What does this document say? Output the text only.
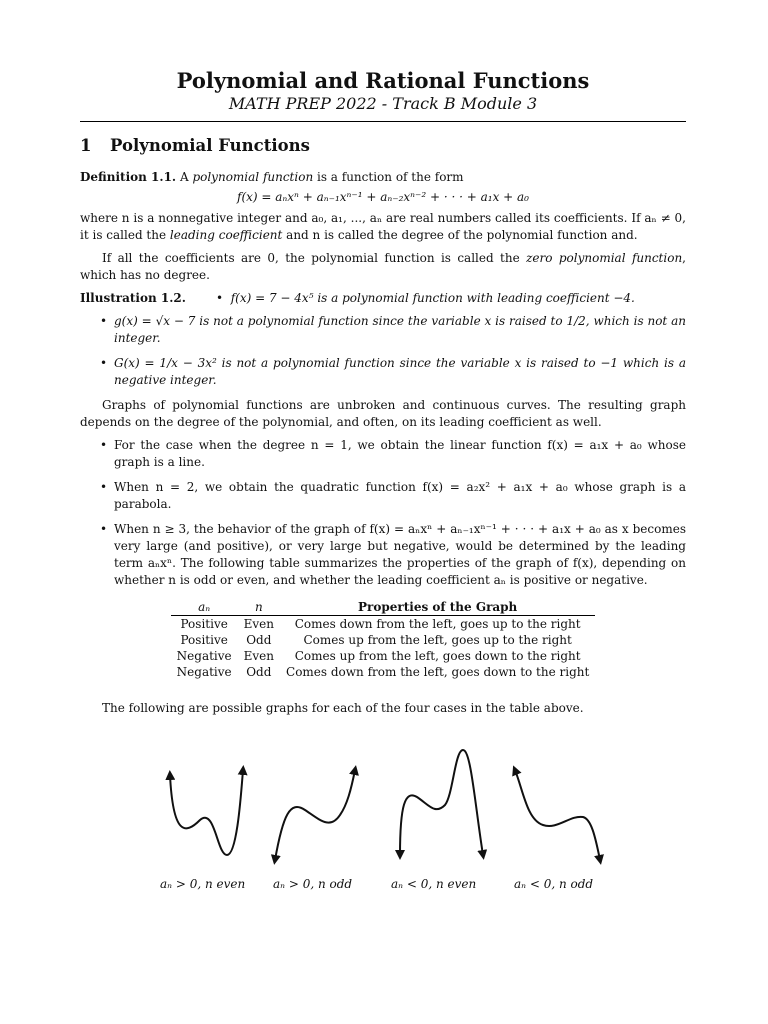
Polynomial and Rational Functions
MATH PREP 2022 - Track B Module 3
1 Polynomial Functions

Definition 1.1. A polynomial function is a function of the form

f(x) = aₙxⁿ + aₙ₋₁xⁿ⁻¹ + aₙ₋₂xⁿ⁻² + · · · + a₁x + a₀

where n is a nonnegative integer and a₀, a₁, ..., aₙ are real numbers called its coefficients. If aₙ ≠ 0, it is called the leading coefficient and n is called the degree of the polynomial function and.

If all the coefficients are 0, the polynomial function is called the zero polynomial function, which has no degree.

Illustration 1.2.	• f(x) = 7 − 4x⁵ is a polynomial function with leading coefficient −4.
• g(x) = √x − 7 is not a polynomial function since the variable x is raised to 1/2, which is not an integer.
• G(x) = 1/x − 3x² is not a polynomial function since the variable x is raised to −1 which is a negative integer.

Graphs of polynomial functions are unbroken and continuous curves. The resulting graph depends on the degree of the polynomial, and often, on its leading coefficient as well.

• For the case when the degree n = 1, we obtain the linear function f(x) = a₁x + a₀ whose graph is a line.
• When n = 2, we obtain the quadratic function f(x) = a₂x² + a₁x + a₀ whose graph is a parabola.
• When n ≥ 3, the behavior of the graph of f(x) = aₙxⁿ + aₙ₋₁xⁿ⁻¹ + · · · + a₁x + a₀ as x becomes very large (and positive), or very large but negative, would be determined by the leading term aₙxⁿ. The following table summarizes the properties of the graph of f(x), depending on whether n is odd or even, and whether the leading coefficient aₙ is positive or negative.
aₙ	n	Properties of the Graph
Positive	Even	Comes down from the left, goes up to the right
Positive	Odd	Comes up from the left, goes up to the right
Negative	Even	Comes up from the left, goes down to the right
Negative	Odd	Comes down from the left, goes down to the right

The following are possible graphs for each of the four cases in the table above.

aₙ > 0, n even aₙ > 0, n odd	aₙ < 0, n even	aₙ < 0, n odd
